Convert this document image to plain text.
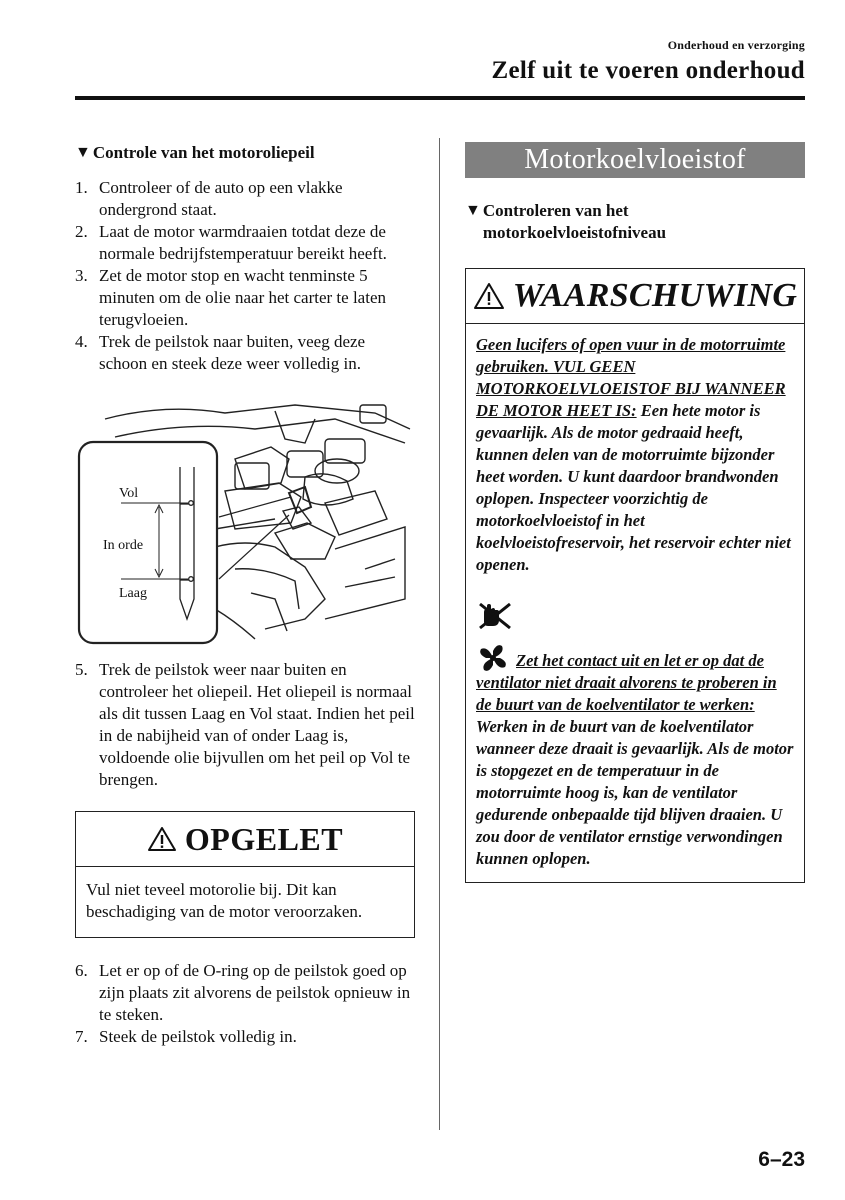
Onderhoud en verzorging
Zelf uit te voeren onderhoud
▼ Controle van het motoroliepeil
1. Controleer of de auto op een vlakke ondergrond staat.
2. Laat de motor warmdraaien totdat deze de normale bedrijfstemperatuur bereikt heeft.
3. Zet de motor stop en wacht tenminste 5 minuten om de olie naar het carter te laten terugvloeien.
4. Trek de peilstok naar buiten, veeg deze schoon en steek deze weer volledig in.
Vol
In orde
Laag
5. Trek de peilstok weer naar buiten en controleer het oliepeil. Het oliepeil is normaal als dit tussen Laag en Vol staat. Indien het peil in de nabijheid van of onder Laag is, voldoende olie bijvullen om het peil op Vol te brengen.
OPGELET
Vul niet teveel motorolie bij. Dit kan beschadiging van de motor veroorzaken.
6. Let er op of de O-ring op de peilstok goed op zijn plaats zit alvorens de peilstok opnieuw in te steken.
7. Steek de peilstok volledig in.
Motorkoelvloeistof
▼ Controleren van het motorkoelvloeistofniveau
WAARSCHUWING
Geen lucifers of open vuur in de motorruimte gebruiken. VUL GEEN MOTORKOELVLOEISTOF BIJ WANNEER DE MOTOR HEET IS: Een hete motor is gevaarlijk. Als de motor gedraaid heeft, kunnen delen van de motorruimte bijzonder heet worden. U kunt daardoor brandwonden oplopen. Inspecteer voorzichtig de motorkoelvloeistof in het koelvloeistofreservoir, het reservoir echter niet openen.
Zet het contact uit en let er op dat de ventilator niet draait alvorens te proberen in de buurt van de koelventilator te werken: Werken in de buurt van de koelventilator wanneer deze draait is gevaarlijk. Als de motor is stopgezet en de temperatuur in de motorruimte hoog is, kan de ventilator gedurende onbepaalde tijd blijven draaien. U zou door de ventilator ernstige verwondingen kunnen oplopen.
6–23
